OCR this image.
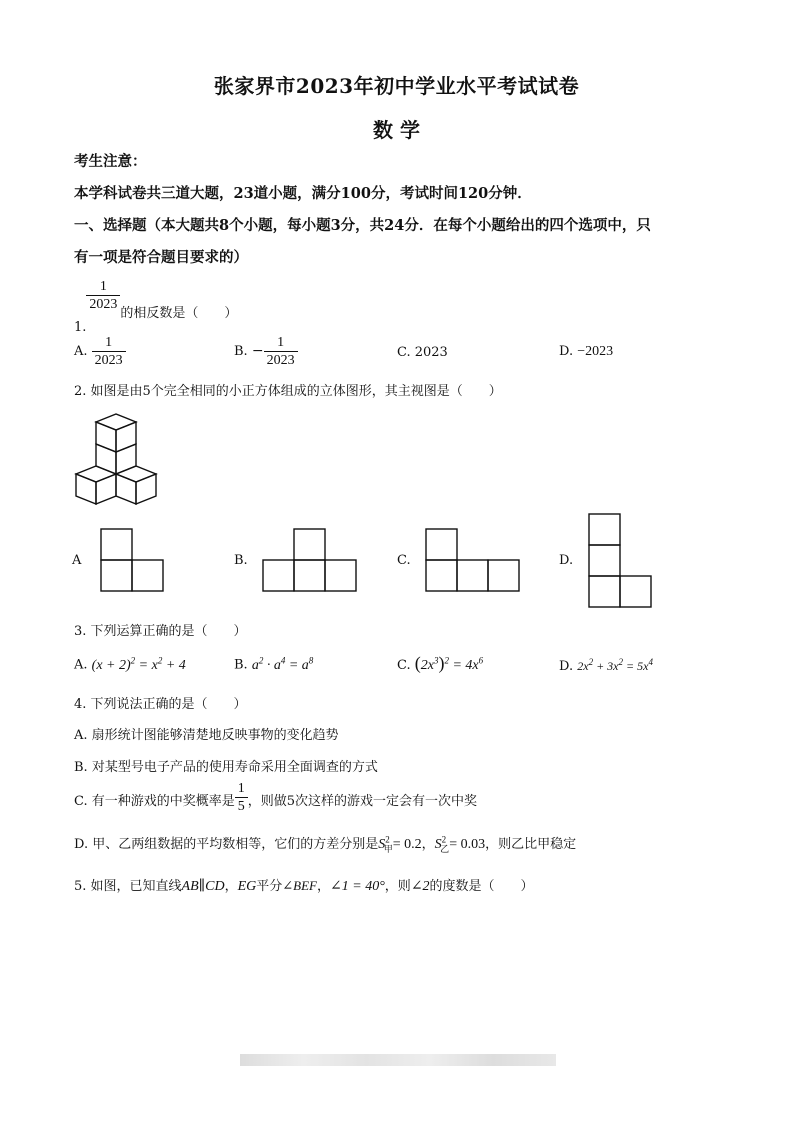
张家界市2023年初中学业水平考试试卷
数 学
考生注意：
本学科试卷共三道大题，23道小题，满分100分，考试时间120分钟．
一、选择题（本大题共8个小题，每小题3分，共24分．在每个小题给出的四个选项中，只
有一项是符合题目要求的）
1.
$\frac{1}{2023}$
的相反数是（　　）
A. $\frac{1}{2023}$	B. − $\frac{1}{2023}$	C. 2023	D. −2023
2. 如图是由5个完全相同的小正方体组成的立体图形，其主视图是（　　）
A	B.	C.	D.
3. 下列运算正确的是（　　）
A. $(x + 2)^2 = x^2 + 4$	B. $a^2 \cdot a^4 = a^8$	C. $(2x^3)^2 = 4x^6$	D. $2x^2 + 3x^2 = 5x^4$
4. 下列说法正确的是（　　）
A. 扇形统计图能够清楚地反映事物的变化趋势
B. 对某型号电子产品的使用寿命采用全面调查的方式
C. 有一种游戏的中奖概率是 $\frac{1}{5}$ ，则做5次这样的游戏一定会有一次中奖
D. 甲、乙两组数据的平均数相等，它们的方差分别是$S^2_甲= 0.2$，$S^2_乙= 0.03$，则乙比甲稳定
5. 如图，已知直线AB∥CD，EG平分∠BEF，∠1 = 40°，则∠2的度数是（　　）
